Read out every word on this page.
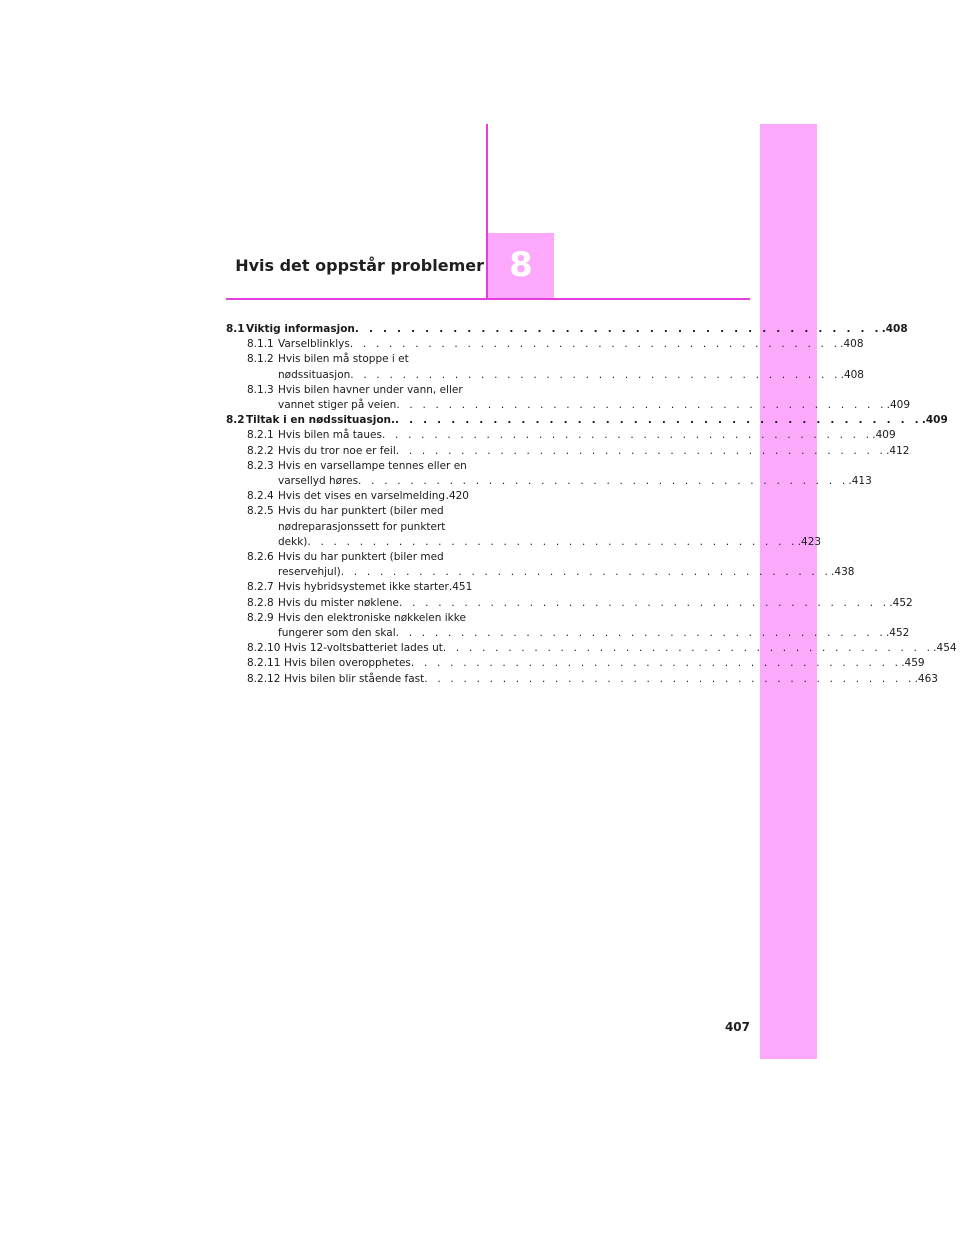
8
Hvis det oppstår problemer
8.1 Viktig informasjon . . . . . . . . . . . . . . . . . . . . . . . . . . . . . . . . . . . . . . .408
8.1.1 Varselblinklys . . . . . . . . . . . . . . . . . . . . . . . . . . . . . . . . . . . . . . .408
8.1.2 Hvis bilen må stoppe i et
nødssituasjon . . . . . . . . . . . . . . . . . . . . . . . . . . . . . . . . . . . . . . .408
8.1.3 Hvis bilen havner under vann, eller
vannet stiger på veien . . . . . . . . . . . . . . . . . . . . . . . . . . . . . . . . . . . . . . .409
8.2 Tiltak i en nødssituasjon. . . . . . . . . . . . . . . . . . . . . . . . . . . . . . . . . . . . . . . .409
8.2.1 Hvis bilen må taues . . . . . . . . . . . . . . . . . . . . . . . . . . . . . . . . . . . . . . .409
8.2.2 Hvis du tror noe er feil . . . . . . . . . . . . . . . . . . . . . . . . . . . . . . . . . . . . . . .412
8.2.3 Hvis en varsellampe tennes eller en
varsellyd høres . . . . . . . . . . . . . . . . . . . . . . . . . . . . . . . . . . . . . . .413
8.2.4 Hvis det vises en varselmelding .420
8.2.5 Hvis du har punktert (biler med
nødreparasjonssett for punktert
dekk) . . . . . . . . . . . . . . . . . . . . . . . . . . . . . . . . . . . . . . .423
8.2.6 Hvis du har punktert (biler med
reservehjul) . . . . . . . . . . . . . . . . . . . . . . . . . . . . . . . . . . . . . . .438
8.2.7 Hvis hybridsystemet ikke starter .451
8.2.8 Hvis du mister nøklene . . . . . . . . . . . . . . . . . . . . . . . . . . . . . . . . . . . . . . .452
8.2.9 Hvis den elektroniske nøkkelen ikke
fungerer som den skal . . . . . . . . . . . . . . . . . . . . . . . . . . . . . . . . . . . . . . .452
8.2.10 Hvis 12-voltsbatteriet lades ut . . . . . . . . . . . . . . . . . . . . . . . . . . . . . . . . . . . . . . .454
8.2.11 Hvis bilen overopphetes . . . . . . . . . . . . . . . . . . . . . . . . . . . . . . . . . . . . . . .459
8.2.12 Hvis bilen blir stående fast . . . . . . . . . . . . . . . . . . . . . . . . . . . . . . . . . . . . . . .463
407
